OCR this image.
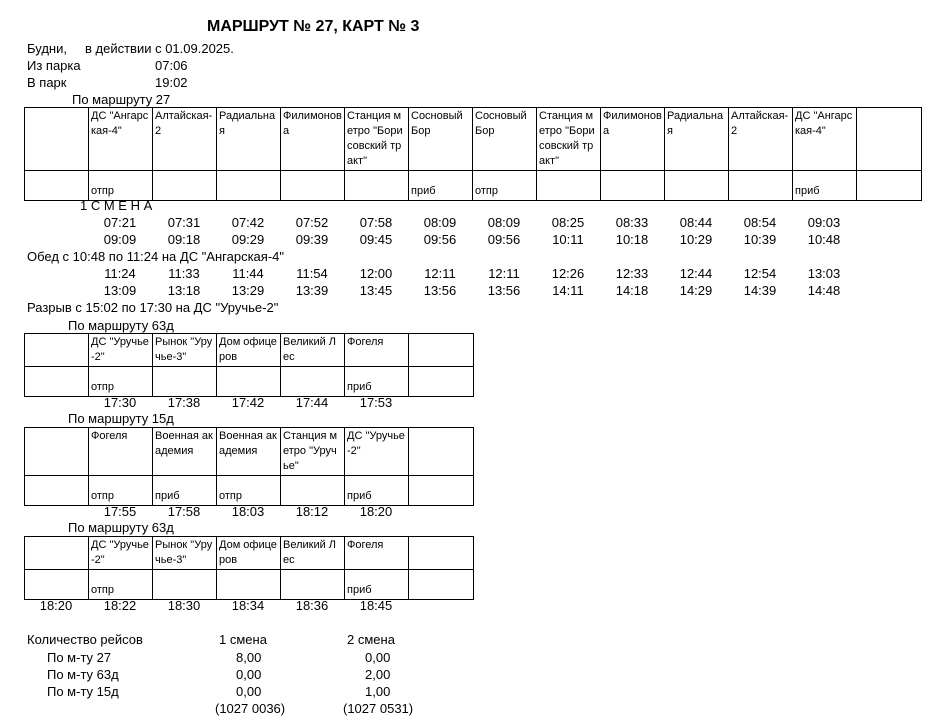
МАРШРУТ № 27, КАРТ № 3
Будни, в действии с 01.09.2025.
Из парка	07:06
В парк	19:02
По маршруту 27
	ДС "Ангарская-4"	Алтайская-2	Радиальная	Филимонова	Станция метро "Борисовский тракт"	Сосновый Бор	Сосновый Бор	Станция метро "Борисовский тракт"	Филимонова	Радиальная	Алтайская-2	ДС "Ангарская-4"	
	отпр					приб	отпр					приб	
1 С М Е Н А
07:21	07:31	07:42	07:52	07:58	08:09	08:09	08:25	08:33	08:44	08:54	09:03
09:09	09:18	09:29	09:39	09:45	09:56	09:56	10:11	10:18	10:29	10:39	10:48
Обед с 10:48 по 11:24 на ДС "Ангарская-4"
11:24	11:33	11:44	11:54	12:00	12:11	12:11	12:26	12:33	12:44	12:54	13:03
13:09	13:18	13:29	13:39	13:45	13:56	13:56	14:11	14:18	14:29	14:39	14:48
Разрыв с 15:02 по 17:30 на ДС "Уручье-2"
По маршруту 63д
	ДС "Уручье-2"	Рынок "Уручье-3"	Дом офицеров	Великий Лес	Фогеля	
	отпр				приб	
17:30	17:38	17:42	17:44	17:53
По маршруту 15д
	Фогеля	Военная академия	Военная академия	Станция метро "Уручье"	ДС "Уручье-2"	
	отпр	приб	отпр		приб	
17:55	17:58	18:03	18:12	18:20
По маршруту 63д
	ДС "Уручье-2"	Рынок "Уручье-3"	Дом офицеров	Великий Лес	Фогеля	
	отпр				приб	
18:20	18:22	18:30	18:34	18:36	18:45
Количество рейсов	1 смена	2 смена
По м-ту 27	8,00	0,00
По м-ту 63д	0,00	2,00
По м-ту 15д	0,00	1,00
(1027 0036)	(1027 0531)
